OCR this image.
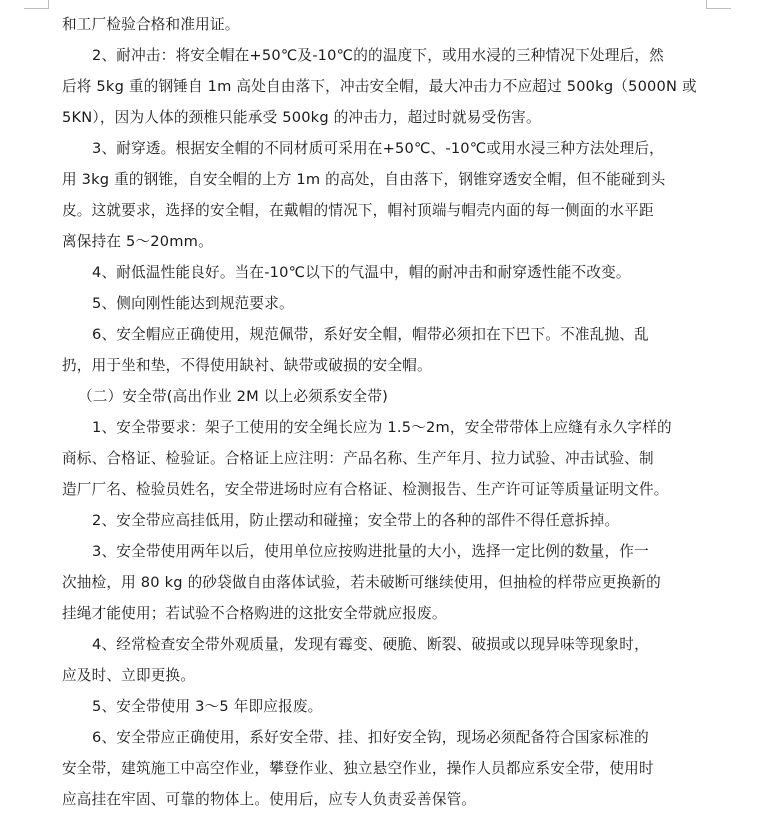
和工厂检验合格和准用证。
2、耐冲击：将安全帽在+50℃及-10℃的的温度下，或用水浸的三种情况下处理后，然
后将 5kg 重的钢锤自 1m 高处自由落下，冲击安全帽，最大冲击力不应超过 500kg（5000N 或
5KN），因为人体的颈椎只能承受 500kg 的冲击力，超过时就易受伤害。
3、耐穿透。根据安全帽的不同材质可采用在+50℃、-10℃或用水浸三种方法处理后，
用 3kg 重的钢锥，自安全帽的上方 1m 的高处，自由落下，钢锥穿透安全帽，但不能碰到头
皮。这就要求，选择的安全帽，在戴帽的情况下，帽衬顶端与帽壳内面的每一侧面的水平距
离保持在 5～20mm。
4、耐低温性能良好。当在-10℃以下的气温中，帽的耐冲击和耐穿透性能不改变。
5、侧向刚性能达到规范要求。
6、安全帽应正确使用，规范佩带，系好安全帽，帽带必须扣在下巴下。不准乱抛、乱
扔，用于坐和垫，不得使用缺衬、缺带或破损的安全帽。
（二）安全带(高出作业 2M 以上必须系安全带)
1、安全带要求：架子工使用的安全绳长应为 1.5～2m，安全带带体上应缝有永久字样的
商标、合格证、检验证。合格证上应注明：产品名称、生产年月、拉力试验、冲击试验、制
造厂厂名、检验员姓名，安全带进场时应有合格证、检测报告、生产许可证等质量证明文件。
2、安全带应高挂低用，防止摆动和碰撞；安全带上的各种的部件不得任意拆掉。
3、安全带使用两年以后，使用单位应按购进批量的大小，选择一定比例的数量，作一
次抽检，用 80 kg 的砂袋做自由落体试验，若未破断可继续使用，但抽检的样带应更换新的
挂绳才能使用；若试验不合格购进的这批安全带就应报废。
4、经常检查安全带外观质量，发现有霉变、硬脆、断裂、破损或以现异味等现象时，
应及时、立即更换。
5、安全带使用 3～5 年即应报废。
6、安全带应正确使用，系好安全带、挂、扣好安全钩，现场必须配备符合国家标准的
安全带，建筑施工中高空作业，攀登作业、独立悬空作业，操作人员都应系安全带，使用时
应高挂在牢固、可靠的物体上。使用后，应专人负责妥善保管。
